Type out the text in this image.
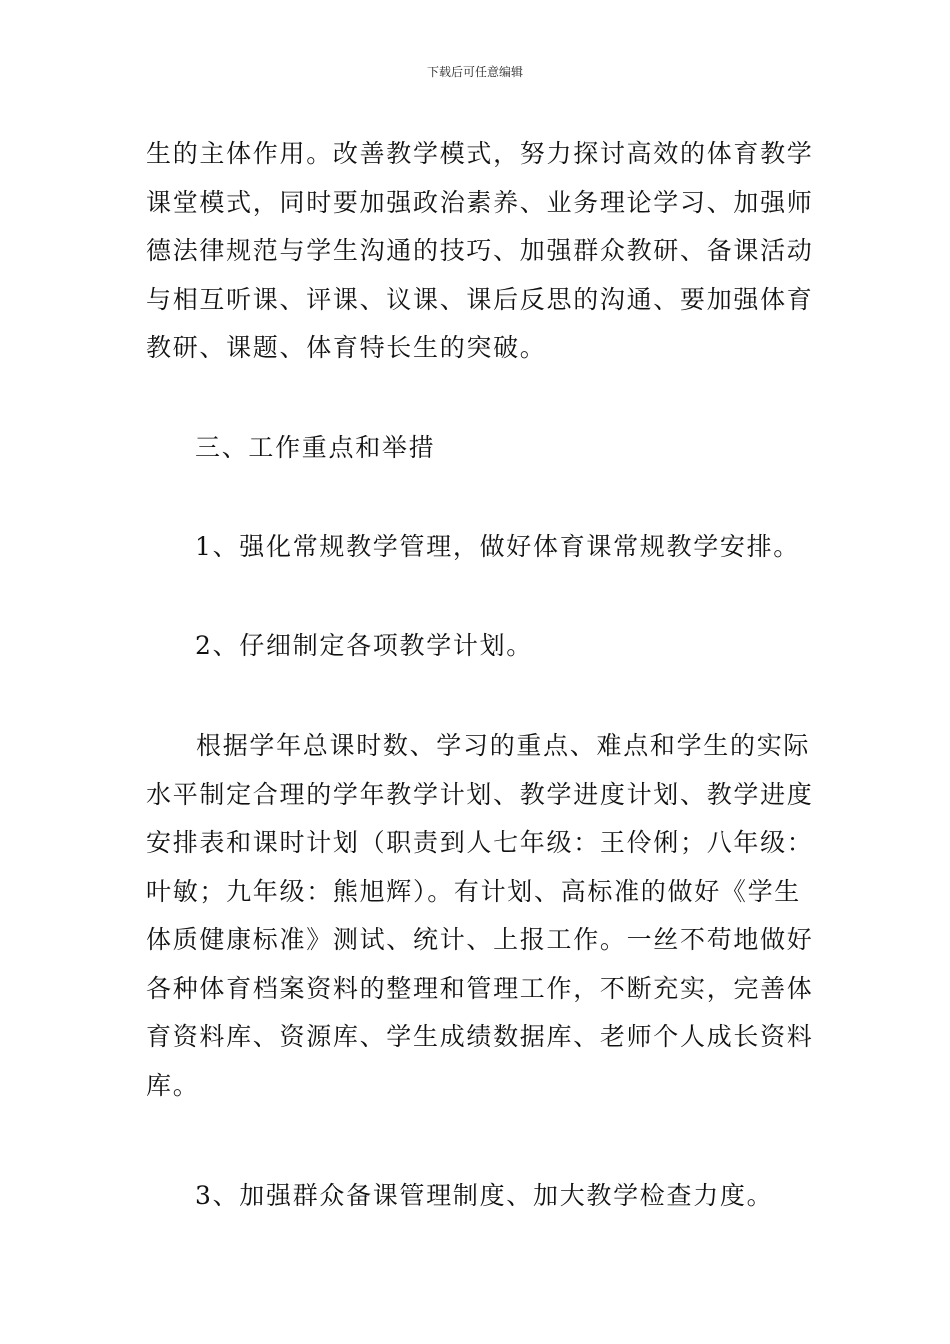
下载后可任意编辑
生的主体作用。改善教学模式，努力探讨高效的体育教学
课堂模式，同时要加强政治素养、业务理论学习、加强师
德法律规范与学生沟通的技巧、加强群众教研、备课活动
与相互听课、评课、议课、课后反思的沟通、要加强体育
教研、课题、体育特长生的突破。
三、工作重点和举措
1、强化常规教学管理，做好体育课常规教学安排。
2、仔细制定各项教学计划。
根据学年总课时数、学习的重点、难点和学生的实际
水平制定合理的学年教学计划、教学进度计划、教学进度
安排表和课时计划（职责到人七年级：王伶俐；八年级：
叶敏；九年级：熊旭辉）。有计划、高标准的做好《学生
体质健康标准》测试、统计、上报工作。一丝不苟地做好
各种体育档案资料的整理和管理工作，不断充实，完善体
育资料库、资源库、学生成绩数据库、老师个人成长资料
库。
3、加强群众备课管理制度、加大教学检查力度。
